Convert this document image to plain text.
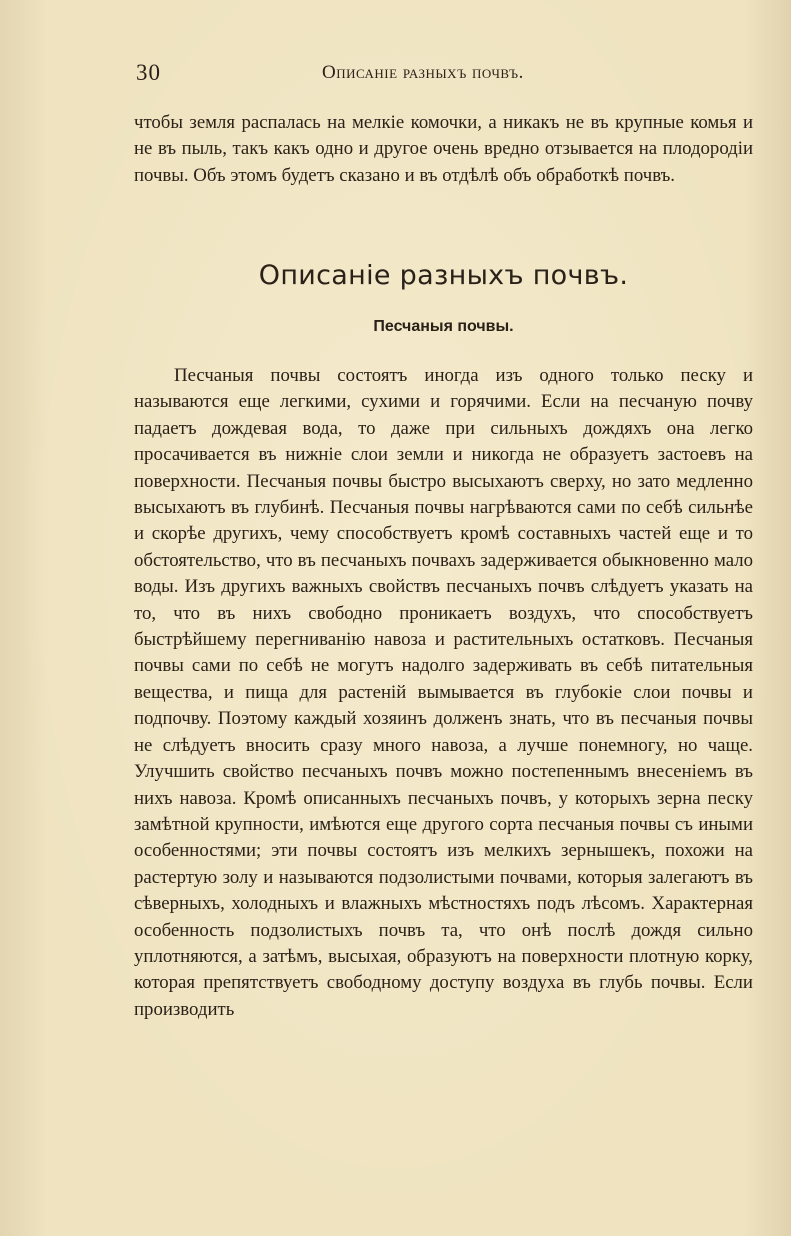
30	Описаніе разныхъ почвъ.
чтобы земля распалась на мелкіе комочки, а никакъ не въ крупные комья и не въ пыль, такъ какъ одно и другое очень вредно отзывается на плодородіи почвы. Объ этомъ будетъ сказано и въ отдѣлѣ объ обработкѣ почвъ.
Описаніе разныхъ почвъ.
Песчаныя почвы.
Песчаныя почвы состоятъ иногда изъ одного только песку и называются еще легкими, сухими и горячими. Если на песчаную почву падаетъ дождевая вода, то даже при сильныхъ дождяхъ она легко просачивается въ нижніе слои земли и никогда не образуетъ застоевъ на поверхности. Песчаныя почвы быстро высыхаютъ сверху, но зато медленно высыхаютъ въ глубинѣ. Песчаныя почвы нагрѣваются сами по себѣ сильнѣе и скорѣе другихъ, чему способствуетъ кромѣ составныхъ частей еще и то обстоятельство, что въ песчаныхъ почвахъ задерживается обыкновенно мало воды. Изъ другихъ важныхъ свойствъ песчаныхъ почвъ слѣдуетъ указать на то, что въ нихъ свободно проникаетъ воздухъ, что способствуетъ быстрѣйшему перегниванію навоза и растительныхъ остатковъ. Песчаныя почвы сами по себѣ не могутъ надолго задерживать въ себѣ питательныя вещества, и пища для растеній вымывается въ глубокіе слои почвы и подпочву. Поэтому каждый хозяинъ долженъ знать, что въ песчаныя почвы не слѣдуетъ вносить сразу много навоза, а лучше понемногу, но чаще. Улучшить свойство песчаныхъ почвъ можно постепеннымъ внесеніемъ въ нихъ навоза. Кромѣ описанныхъ песчаныхъ почвъ, у которыхъ зерна песку замѣтной крупности, имѣются еще другого сорта песчаныя почвы съ иными особенностями; эти почвы состоятъ изъ мелкихъ зернышекъ, похожи на растертую золу и называются подзолистыми почвами, которыя залегаютъ въ сѣверныхъ, холодныхъ и влажныхъ мѣстностяхъ подъ лѣсомъ. Характерная особенность подзолистыхъ почвъ та, что онѣ послѣ дождя сильно уплотняются, а затѣмъ, высыхая, образуютъ на поверхности плотную корку, которая препятствуетъ свободному доступу воздуха въ глубь почвы. Если производить
